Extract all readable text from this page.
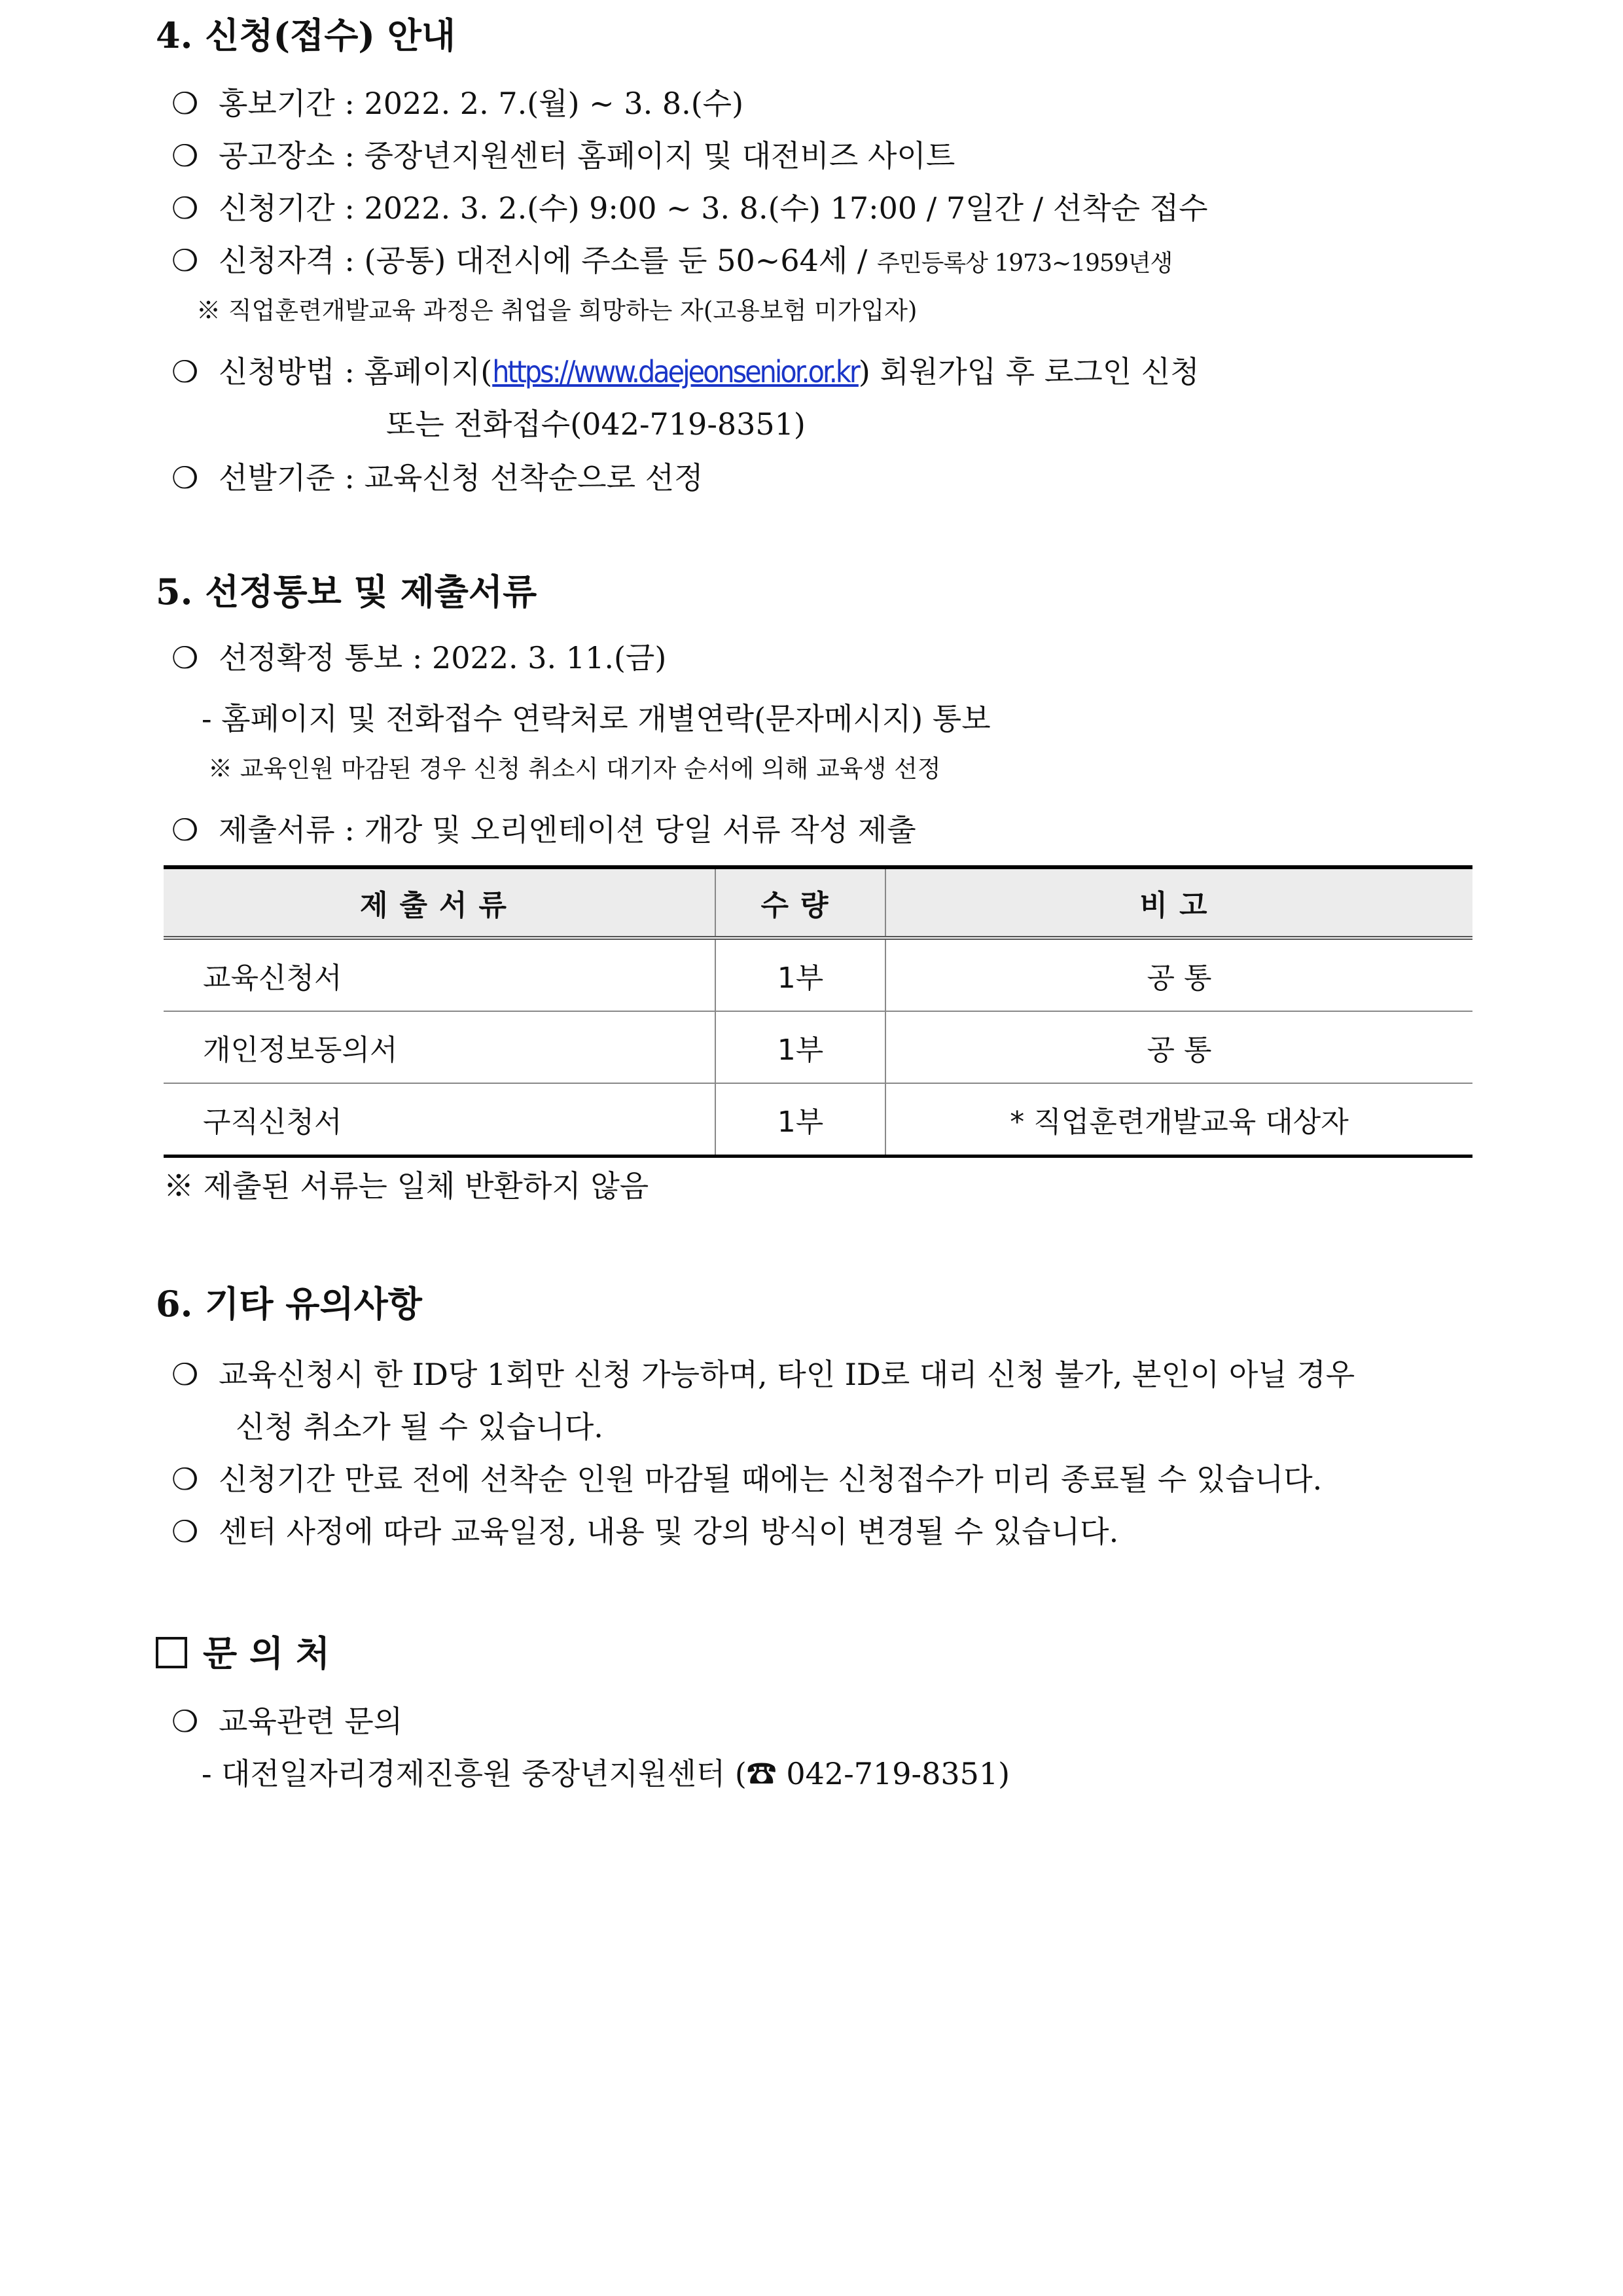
4. 신청(접수) 안내
❍ 홍보기간 : 2022. 2. 7.(월) ~ 3. 8.(수)
❍ 공고장소 : 중장년지원센터 홈페이지 및 대전비즈 사이트
❍ 신청기간 : 2022. 3. 2.(수) 9:00 ~ 3. 8.(수) 17:00 / 7일간 / 선착순 접수
❍ 신청자격 : (공통) 대전시에 주소를 둔 50~64세 / 주민등록상 1973~1959년생
※ 직업훈련개발교육 과정은 취업을 희망하는 자(고용보험 미가입자)
❍ 신청방법 : 홈페이지(https://www.daejeonsenior.or.kr) 회원가입 후 로그인 신청
또는 전화접수(042-719-8351)
❍ 선발기준 : 교육신청 선착순으로 선정
5. 선정통보 및 제출서류
❍ 선정확정 통보 : 2022. 3. 11.(금)
- 홈페이지 및 전화접수 연락처로 개별연락(문자메시지) 통보
※ 교육인원 마감된 경우 신청 취소시 대기자 순서에 의해 교육생 선정
❍ 제출서류 : 개강 및 오리엔테이션 당일 서류 작성 제출
제출서류	수량	비고
교육신청서	1부	공 통
개인정보동의서	1부	공 통
구직신청서	1부	* 직업훈련개발교육 대상자
※ 제출된 서류는 일체 반환하지 않음
6. 기타 유의사항
❍ 교육신청시 한 ID당 1회만 신청 가능하며, 타인 ID로 대리 신청 불가, 본인이 아닐 경우
신청 취소가 될 수 있습니다.
❍ 신청기간 만료 전에 선착순 인원 마감될 때에는 신청접수가 미리 종료될 수 있습니다.
❍ 센터 사정에 따라 교육일정, 내용 및 강의 방식이 변경될 수 있습니다.
문 의 처
❍ 교육관련 문의
- 대전일자리경제진흥원 중장년지원센터 (☎ 042-719-8351)
